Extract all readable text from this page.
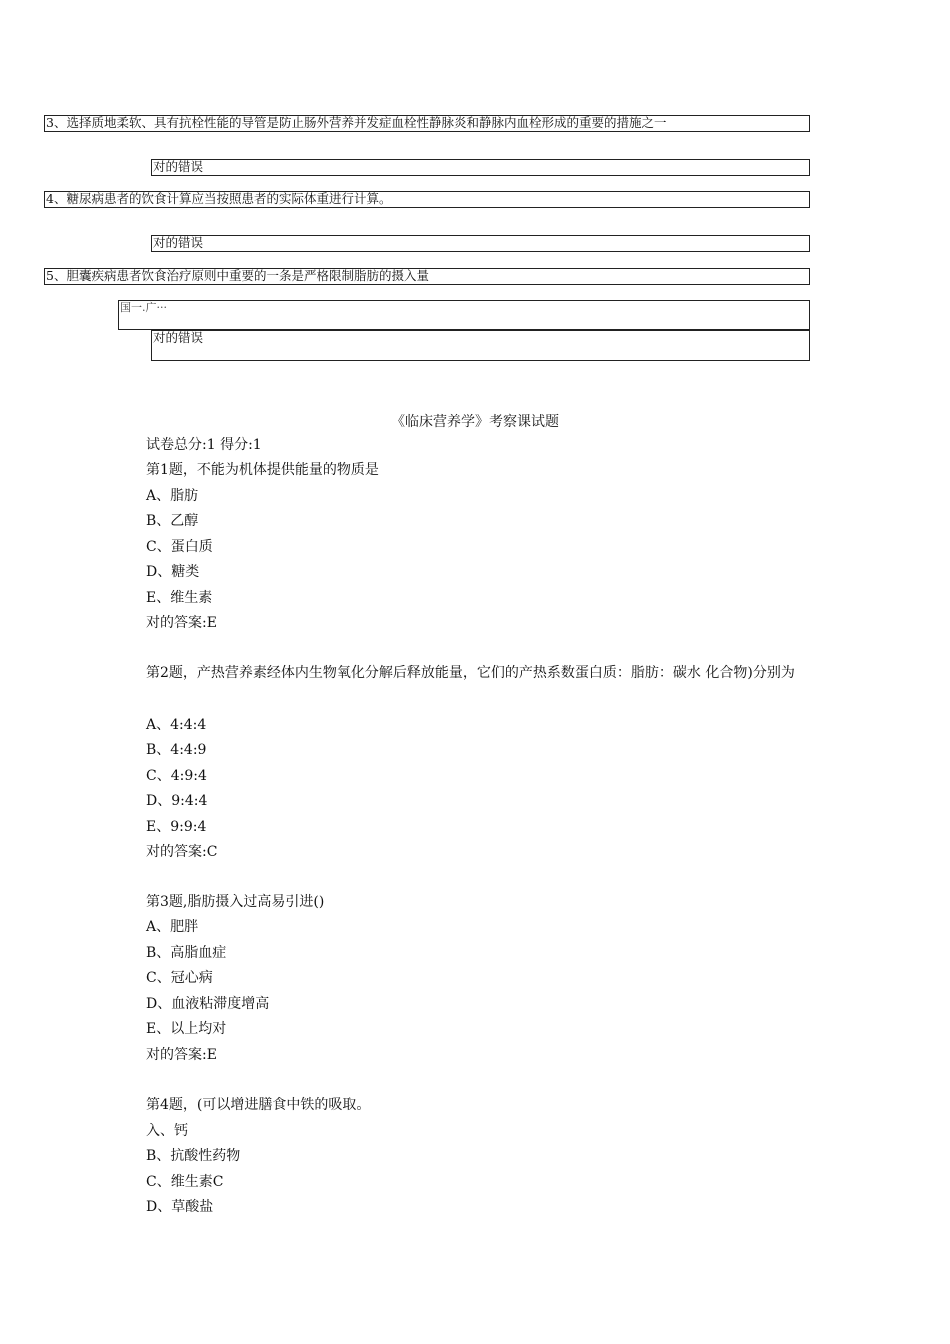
3、选择质地柔软、具有抗栓性能的导管是防止肠外营养并发症血栓性静脉炎和静脉内血栓形成的重要的措施之一
对的错误
4、糖尿病患者的饮食计算应当按照患者的实际体重进行计算。
对的错误
5、胆囊疾病患者饮食治疗原则中重要的一条是严格限制脂肪的摄入量
国一.广···
对的错误
《临床营养学》考察课试题
试卷总分:1 得分:1
第1题，不能为机体提供能量的物质是
A、脂肪
B、乙醇
C、蛋白质
D、糖类
E、维生素
对的答案:E
第2题，产热营养素经体内生物氧化分解后释放能量，它们的产热系数蛋白质：脂肪：碳水 化合物)分别为
A、4:4:4
B、4:4:9
C、4:9:4
D、9:4:4
E、9:9:4
对的答案:C
第3题,脂肪摄入过高易引进()
A、肥胖
B、高脂血症
C、冠心病
D、血液粘滞度增高
E、以上均对
对的答案:E
第4题，(可以增进膳食中铁的吸取。
入、钙
B、抗酸性药物
C、维生素C
D、草酸盐
